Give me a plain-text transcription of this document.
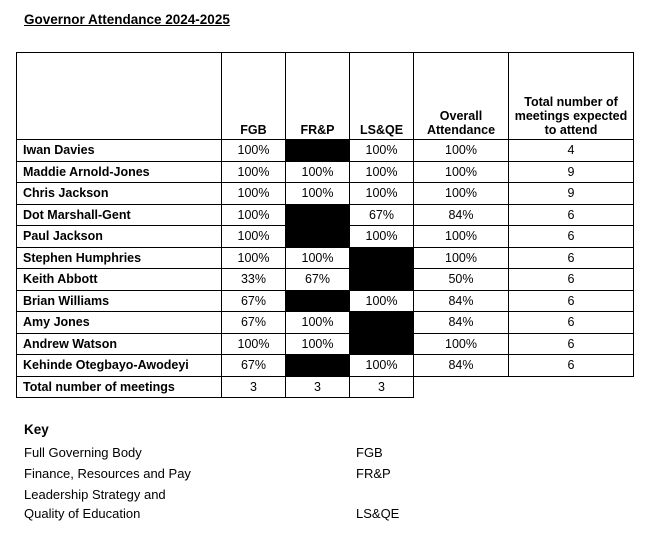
Governor Attendance 2024-2025
	FGB	FR&P	LS&QE	Overall Attendance	Total number of meetings expected to attend
Iwan Davies	100%		100%	100%	4
Maddie Arnold-Jones	100%	100%	100%	100%	9
Chris Jackson	100%	100%	100%	100%	9
Dot Marshall-Gent	100%		67%	84%	6
Paul Jackson	100%		100%	100%	6
Stephen Humphries	100%	100%		100%	6
Keith Abbott	33%	67%		50%	6
Brian Williams	67%		100%	84%	6
Amy Jones	67%	100%		84%	6
Andrew Watson	100%	100%		100%	6
Kehinde Otegbayo-Awodeyi	67%		100%	84%	6
Total number of meetings	3	3	3		
Key
Full Governing Body	FGB
Finance, Resources and Pay	FR&P
Leadership Strategy and
Quality of Education	LS&QE
